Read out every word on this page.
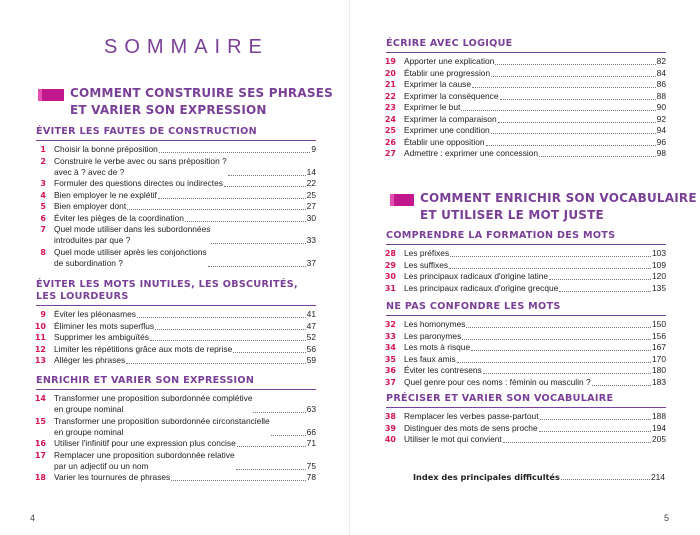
SOMMAIRE
COMMENT CONSTRUIRE SES PHRASES
ET VARIER SON EXPRESSION
ÉVITER LES FAUTES DE CONSTRUCTION
1 Choisir la bonne préposition	9
2 Construire le verbe avec ou sans préposition ?
avec à ? avec de ?	14
3 Formuler des questions directes ou indirectes	22
4 Bien employer le ne explétif	25
5 Bien employer dont	27
6 Éviter les pièges de la coordination	30
7 Quel mode utiliser dans les subordonnées
introduites par que ?	33
8 Quel mode utiliser après les conjonctions
de subordination ?	37
ÉVITER LES MOTS INUTILES, LES OBSCURITÉS,
LES LOURDEURS
9 Éviter les pléonasmes	41
10 Éliminer les mots superflus	47
11 Supprimer les ambiguïtés	52
12 Limiter les répétitions grâce aux mots de reprise	56
13 Alléger les phrases	59
ENRICHIR ET VARIER SON EXPRESSION
14 Transformer une proposition subordonnée complétive
en groupe nominal	63
15 Transformer une proposition subordonnée circonstancielle
en groupe nominal	66
16 Utiliser l'infinitif pour une expression plus concise	71
17 Remplacer une proposition subordonnée relative
par un adjectif ou un nom	75
18 Varier les tournures de phrases	78
4
ÉCRIRE AVEC LOGIQUE
19 Apporter une explication	82
20 Établir une progression	84
21 Exprimer la cause	86
22 Exprimer la conséquence	88
23 Exprimer le but	90
24 Exprimer la comparaison	92
25 Exprimer une condition	94
26 Établir une opposition	96
27 Admettre : exprimer une concession	98
COMMENT ENRICHIR SON VOCABULAIRE
ET UTILISER LE MOT JUSTE
COMPRENDRE LA FORMATION DES MOTS
28 Les préfixes	103
29 Les suffixes	109
30 Les principaux radicaux d'origine latine	120
31 Les principaux radicaux d'origine grecque	135
NE PAS CONFONDRE LES MOTS
32 Les homonymes	150
33 Les paronymes	156
34 Les mots à risque	167
35 Les faux amis	170
36 Éviter les contresens	180
37 Quel genre pour ces noms : féminin ou masculin ?	183
PRÉCISER ET VARIER SON VOCABULAIRE
38 Remplacer les verbes passe-partout	188
39 Distinguer des mots de sens proche	194
40 Utiliser le mot qui convient	205
5
Index des principales difficultés	214
